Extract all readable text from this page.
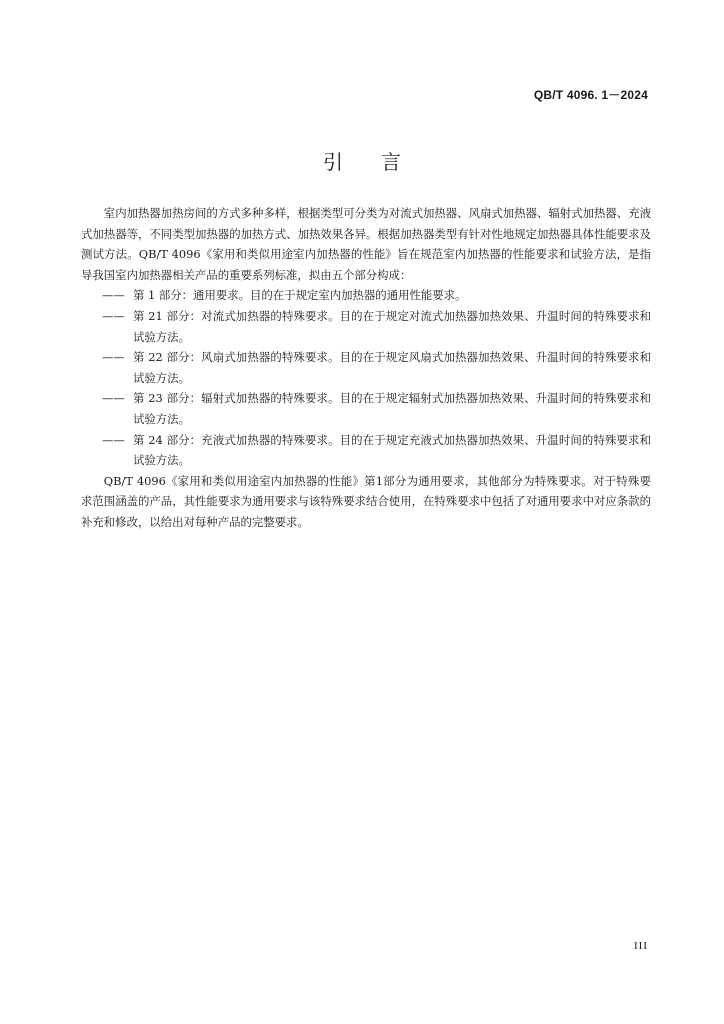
QB/T 4096. 1－2024
引言

室内加热器加热房间的方式多种多样，根据类型可分类为对流式加热器、风扇式加热器、辐射式加热器、充液式加热器等，不同类型加热器的加热方式、加热效果各异。根据加热器类型有针对性地规定加热器具体性能要求及测试方法。QB/T 4096《家用和类似用途室内加热器的性能》旨在规范室内加热器的性能要求和试验方法，是指导我国室内加热器相关产品的重要系列标准，拟由五个部分构成：

—— 第 1 部分：通用要求。目的在于规定室内加热器的通用性能要求。
—— 第 21 部分：对流式加热器的特殊要求。目的在于规定对流式加热器加热效果、升温时间的特殊要求和试验方法。
—— 第 22 部分：风扇式加热器的特殊要求。目的在于规定风扇式加热器加热效果、升温时间的特殊要求和试验方法。
—— 第 23 部分：辐射式加热器的特殊要求。目的在于规定辐射式加热器加热效果、升温时间的特殊要求和试验方法。
—— 第 24 部分：充液式加热器的特殊要求。目的在于规定充液式加热器加热效果、升温时间的特殊要求和试验方法。

QB/T 4096《家用和类似用途室内加热器的性能》第1部分为通用要求，其他部分为特殊要求。对于特殊要求范围涵盖的产品，其性能要求为通用要求与该特殊要求结合使用，在特殊要求中包括了对通用要求中对应条款的补充和修改，以给出对每种产品的完整要求。

III
